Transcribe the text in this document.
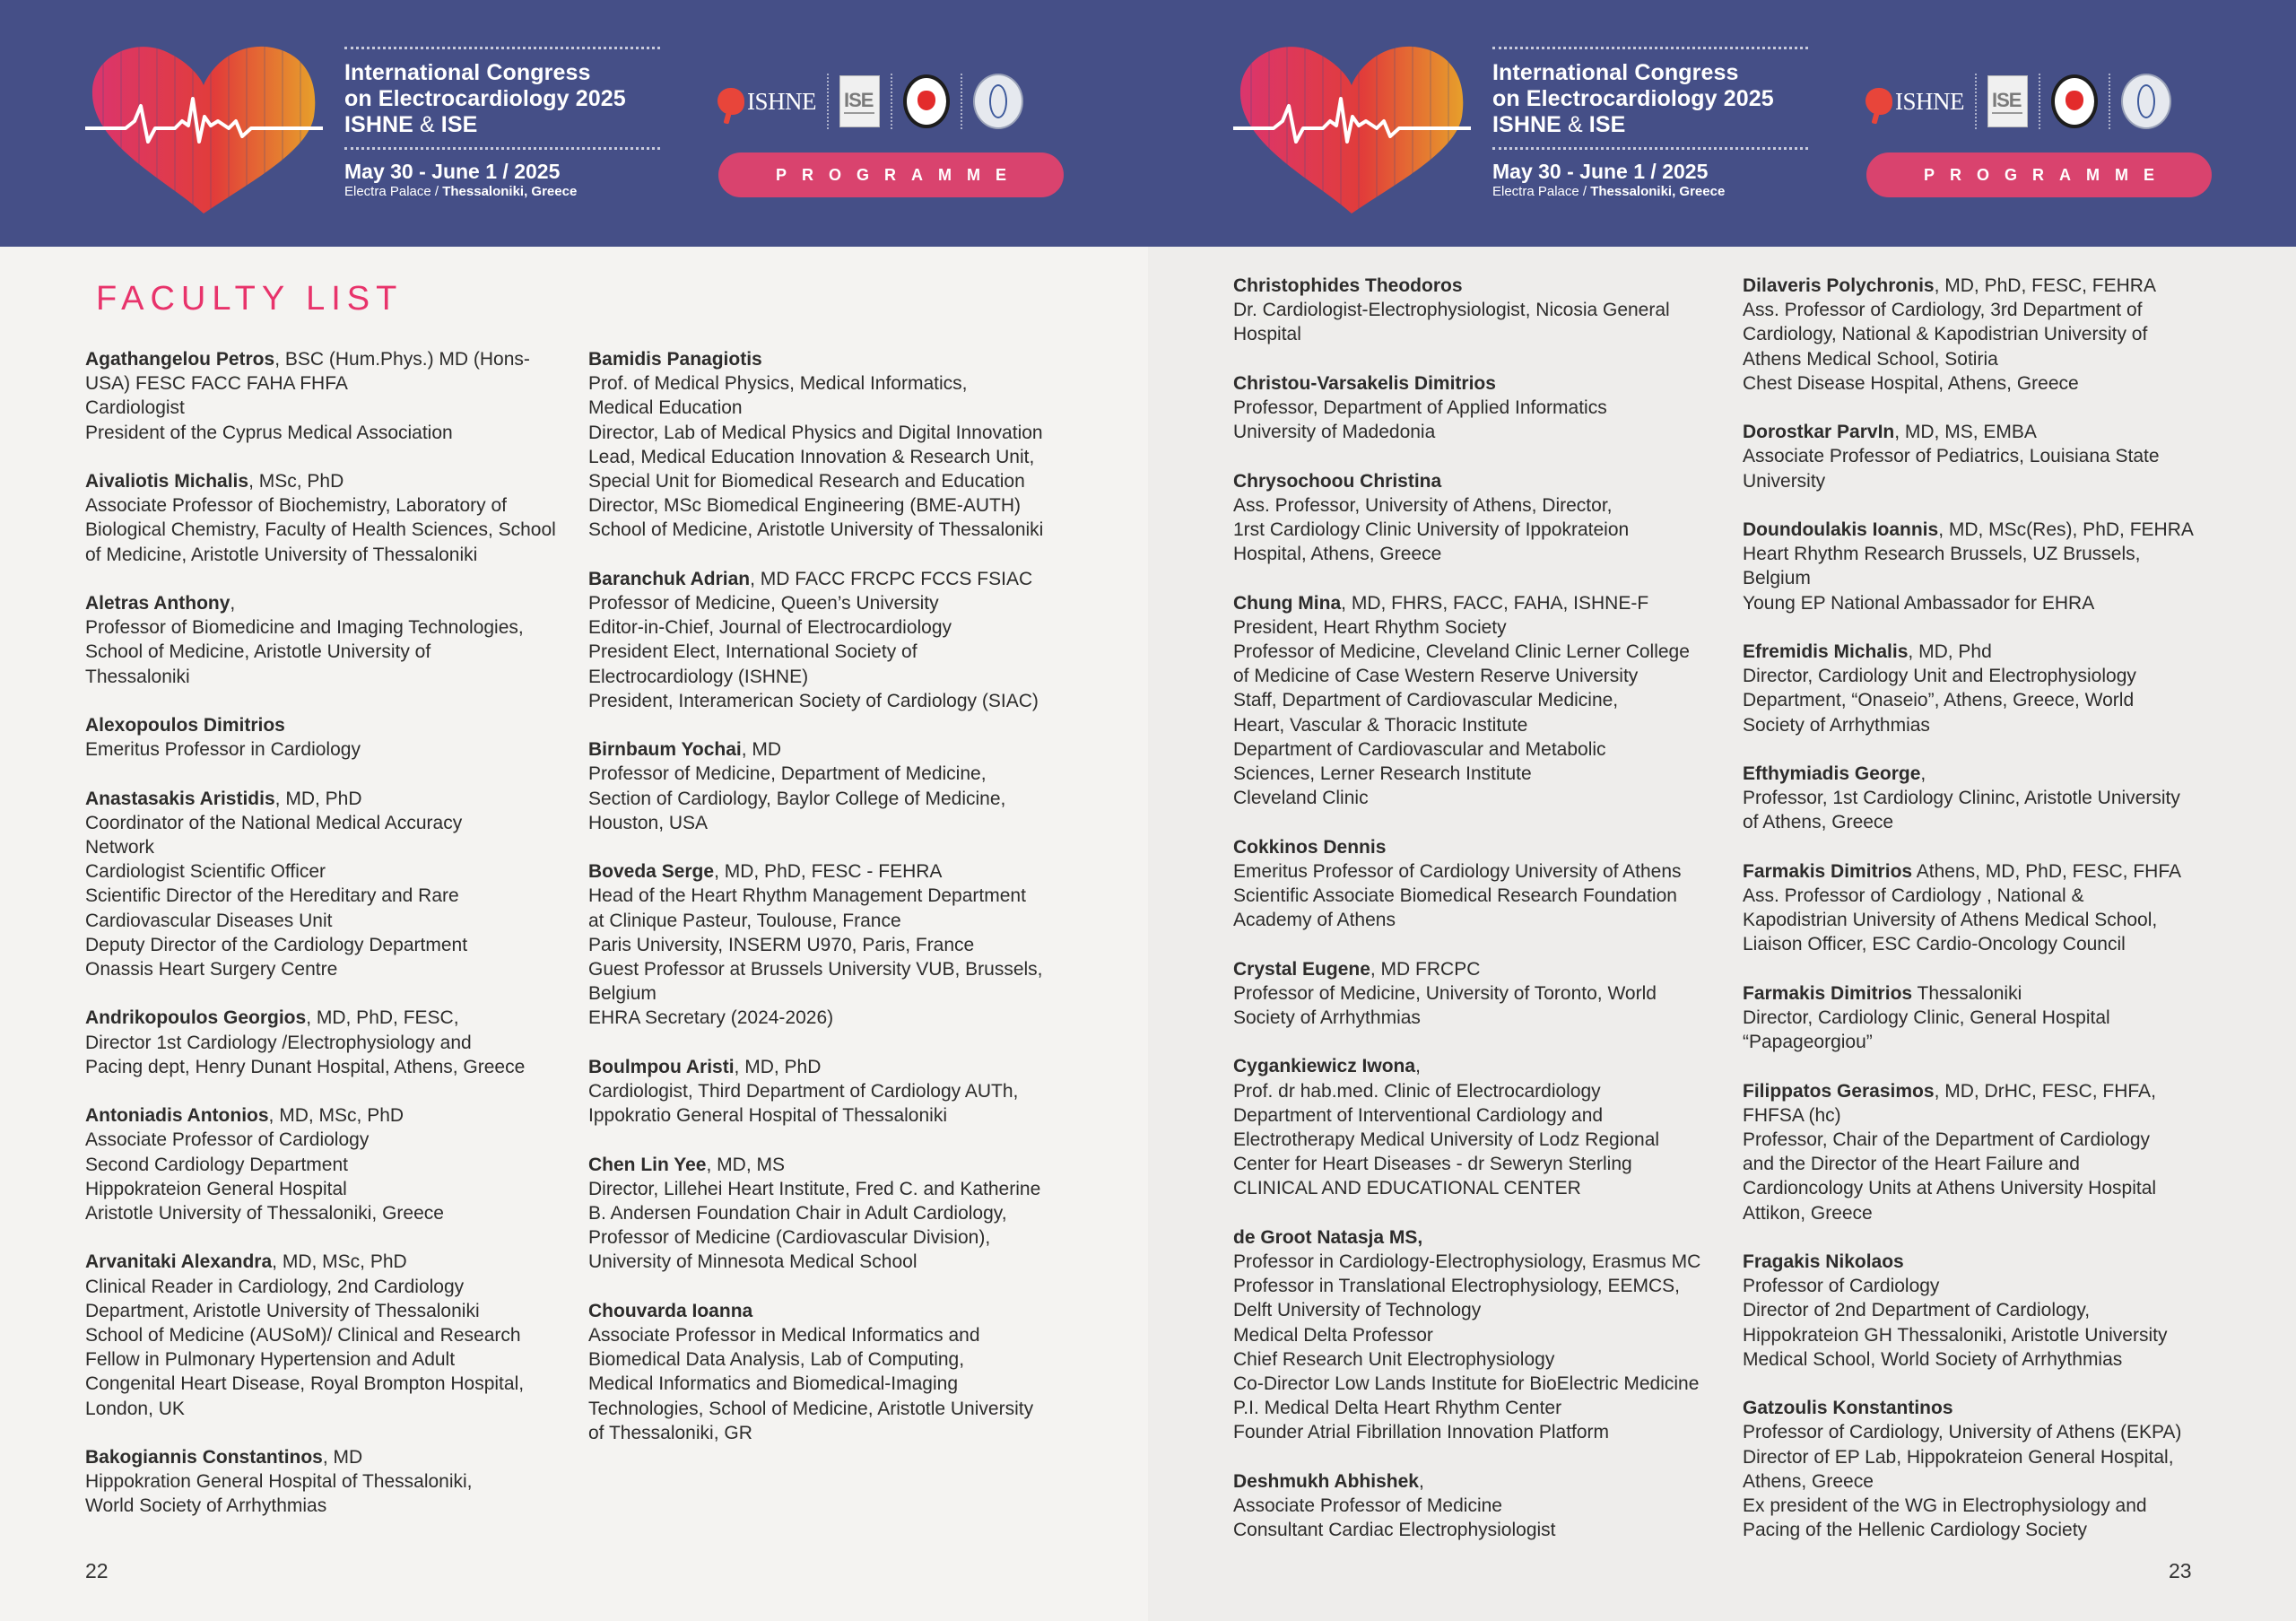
International Congress
on Electrocardiology 2025
ISHNE & ISE
May 30 - June 1 / 2025
Electra Palace / Thessaloniki, Greece
ISHNE ISE
PROGRAMME
FACULTY LIST
Agathangelou Petros, BSC (Hum.Phys.) MD (Hons-
USA) FESC FACC FAHA FHFA
Cardiologist
President of the Cyprus Medical Association
Aivaliotis Michalis, MSc, PhD
Associate Professor of Biochemistry, Laboratory of
Biological Chemistry, Faculty of Health Sciences, School
of Medicine, Aristotle University of Thessaloniki
Aletras Anthony,
Professor of Biomedicine and Imaging Technologies,
School of Medicine, Aristotle University of
Thessaloniki
Alexopoulos Dimitrios
Emeritus Professor in Cardiology
Anastasakis Aristidis, MD, PhD
Coordinator of the National Medical Accuracy
Network
Cardiologist Scientific Officer
Scientific Director of the Hereditary and Rare
Cardiovascular Diseases Unit
Deputy Director of the Cardiology Department
Onassis Heart Surgery Centre
Andrikopoulos Georgios, MD, PhD, FESC,
Director 1st Cardiology /Electrophysiology and
Pacing dept, Henry Dunant Hospital, Athens, Greece
Antoniadis Antonios, MD, MSc, PhD
Associate Professor of Cardiology
Second Cardiology Department
Hippokrateion General Hospital
Aristotle University of Thessaloniki, Greece
Arvanitaki Alexandra, MD, MSc, PhD
Clinical Reader in Cardiology, 2nd Cardiology
Department, Aristotle University of Thessaloniki
School of Medicine (AUSoM)/ Clinical and Research
Fellow in Pulmonary Hypertension and Adult
Congenital Heart Disease, Royal Brompton Hospital,
London, UK
Bakogiannis Constantinos, MD
Hippokration General Hospital of Thessaloniki,
World Society of Arrhythmias
Bamidis Panagiotis
Prof. of Medical Physics, Medical Informatics,
Medical Education
Director, Lab of Medical Physics and Digital Innovation
Lead, Medical Education Innovation & Research Unit,
Special Unit for Biomedical Research and Education
Director, MSc Biomedical Engineering (BME-AUTH)
School of Medicine, Aristotle University of Thessaloniki
Baranchuk Adrian, MD FACC FRCPC FCCS FSIAC
Professor of Medicine, Queen’s University
Editor-in-Chief, Journal of Electrocardiology
President Elect, International Society of
Electrocardiology (ISHNE)
President, Interamerican Society of Cardiology (SIAC)
Birnbaum Yochai, MD
Professor of Medicine, Department of Medicine,
Section of Cardiology, Baylor College of Medicine,
Houston, USA
Boveda Serge, MD, PhD, FESC - FEHRA
Head of the Heart Rhythm Management Department
at Clinique Pasteur, Toulouse, France
Paris University, INSERM U970, Paris, France
Guest Professor at Brussels University VUB, Brussels,
Belgium
EHRA Secretary (2024-2026)
Boulmpou Aristi, MD, PhD
Cardiologist, Third Department of Cardiology AUTh,
Ippokratio General Hospital of Thessaloniki
Chen Lin Yee, MD, MS
Director, Lillehei Heart Institute, Fred C. and Katherine
B. Andersen Foundation Chair in Adult Cardiology,
Professor of Medicine (Cardiovascular Division),
University of Minnesota Medical School
Chouvarda Ioanna
Associate Professor in Medical Informatics and
Biomedical Data Analysis, Lab of Computing,
Medical Informatics and Biomedical-Imaging
Technologies, School of Medicine, Aristotle University
of Thessaloniki, GR
22
International Congress
on Electrocardiology 2025
ISHNE & ISE
May 30 - June 1 / 2025
Electra Palace / Thessaloniki, Greece
ISHNE ISE
PROGRAMME
Christophides Theodoros
Dr. Cardiologist-Electrophysiologist, Nicosia General
Hospital
Christou-Varsakelis Dimitrios
Professor, Department of Applied Informatics
University of Madedonia
Chrysochoou Christina
Ass. Professor, University of Athens, Director,
1rst Cardiology Clinic University of Ippokrateion
Hospital, Athens, Greece
Chung Mina, MD, FHRS, FACC, FAHA, ISHNE-F
President, Heart Rhythm Society
Professor of Medicine, Cleveland Clinic Lerner College
of Medicine of Case Western Reserve University
Staff, Department of Cardiovascular Medicine,
Heart, Vascular & Thoracic Institute
Department of Cardiovascular and Metabolic
Sciences, Lerner Research Institute
Cleveland Clinic
Cokkinos Dennis
Emeritus Professor of Cardiology University of Athens
Scientific Associate Biomedical Research Foundation
Academy of Athens
Crystal Eugene, MD FRCPC
Professor of Medicine, University of Toronto, World
Society of Arrhythmias
Cygankiewicz Iwona,
Prof. dr hab.med. Clinic of Electrocardiology
Department of Interventional Cardiology and
Electrotherapy Medical University of Lodz Regional
Center for Heart Diseases - dr Seweryn Sterling
CLINICAL AND EDUCATIONAL CENTER
de Groot Natasja MS,
Professor in Cardiology-Electrophysiology, Erasmus MC
Professor in Translational Electrophysiology, EEMCS,
Delft University of Technology
Medical Delta Professor
Chief Research Unit Electrophysiology
Co-Director Low Lands Institute for BioElectric Medicine
P.I. Medical Delta Heart Rhythm Center
Founder Atrial Fibrillation Innovation Platform
Deshmukh Abhishek,
Associate Professor of Medicine
Consultant Cardiac Electrophysiologist
Dilaveris Polychronis, MD, PhD, FESC, FEHRA
Ass. Professor of Cardiology, 3rd Department of
Cardiology, National & Kapodistrian University of
Athens Medical School, Sotiria
Chest Disease Hospital, Athens, Greece
Dorostkar ParvIn, MD, MS, EMBA
Associate Professor of Pediatrics, Louisiana State
University
Doundoulakis Ioannis, MD, MSc(Res), PhD, FEHRA
Heart Rhythm Research Brussels, UZ Brussels,
Belgium
Young EP National Ambassador for EHRA
Efremidis Michalis, MD, Phd
Director, Cardiology Unit and Electrophysiology
Department, “Onaseio”, Athens, Greece, World
Society of Arrhythmias
Efthymiadis George,
Professor, 1st Cardiology Clininc, Aristotle University
of Athens, Greece
Farmakis Dimitrios Athens, MD, PhD, FESC, FHFA
Ass. Professor of Cardiology , National &
Kapodistrian University of Athens Medical School,
Liaison Officer, ESC Cardio-Oncology Council
Farmakis Dimitrios Thessaloniki
Director, Cardiology Clinic, General Hospital
“Papageorgiou”
Filippatos Gerasimos, MD, DrHC, FESC, FHFA,
FHFSA (hc)
Professor, Chair of the Department of Cardiology
and the Director of the Heart Failure and
Cardioncology Units at Athens University Hospital
Attikon, Greece
Fragakis Nikolaos
Professor of Cardiology
Director of 2nd Department of Cardiology,
Hippokrateion GH Thessaloniki, Aristotle University
Medical School, World Society of Arrhythmias
Gatzoulis Konstantinos
Professor of Cardiology, University of Athens (EKPA)
Director of EP Lab, Hippokrateion General Hospital,
Athens, Greece
Ex president of the WG in Electrophysiology and
Pacing of the Hellenic Cardiology Society
23
